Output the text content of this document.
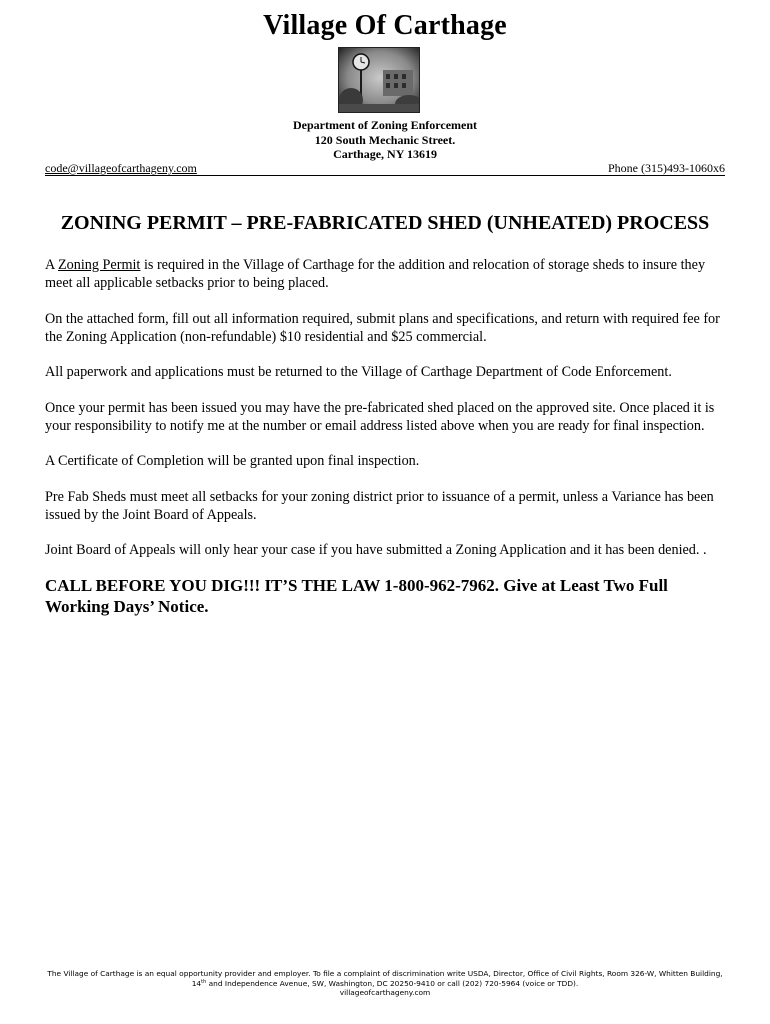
Village Of Carthage
Department of Zoning Enforcement
120 South Mechanic Street.
Carthage, NY 13619
code@villageofcarthageny.com	Phone (315)493-1060x6
ZONING PERMIT – PRE-FABRICATED SHED (UNHEATED) PROCESS

A Zoning Permit is required in the Village of Carthage for the addition and relocation of storage sheds to insure they meet all applicable setbacks prior to being placed.

On the attached form, fill out all information required, submit plans and specifications, and return with required fee for the Zoning Application (non-refundable) $10 residential and $25 commercial.

All paperwork and applications must be returned to the Village of Carthage Department of Code Enforcement.

Once your permit has been issued you may have the pre-fabricated shed placed on the approved site. Once placed it is your responsibility to notify me at the number or email address listed above when you are ready for final inspection.

A Certificate of Completion will be granted upon final inspection.

Pre Fab Sheds must meet all setbacks for your zoning district prior to issuance of a permit, unless a Variance has been issued by the Joint Board of Appeals.

Joint Board of Appeals will only hear your case if you have submitted a Zoning Application and it has been denied. .

CALL BEFORE YOU DIG!!! IT’S THE LAW 1-800-962-7962. Give at Least Two Full Working Days’ Notice.

The Village of Carthage is an equal opportunity provider and employer. To file a complaint of discrimination write USDA, Director, Office of Civil Rights, Room 326-W, Whitten Building, 14th and Independence Avenue, SW, Washington, DC 20250-9410 or call (202) 720-5964 (voice or TDD).
villageofcarthageny.com
